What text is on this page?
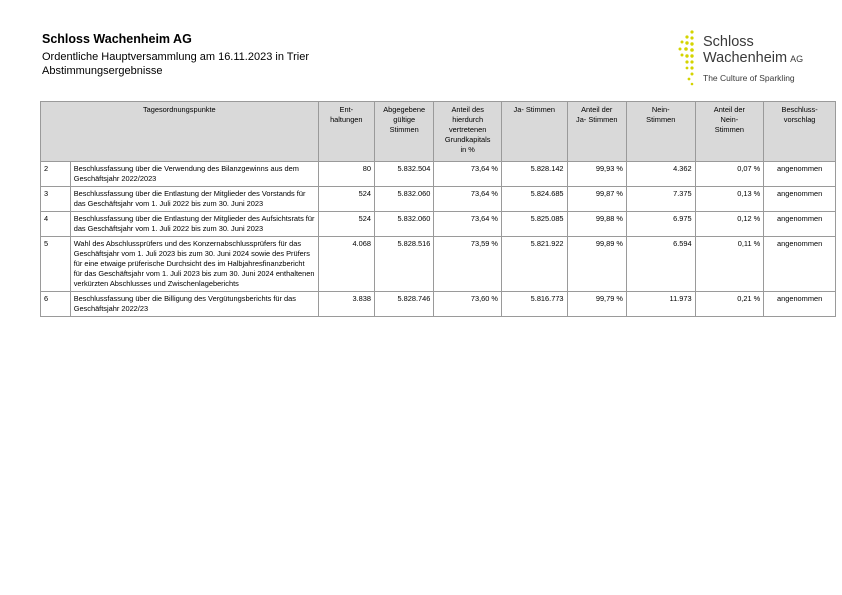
Schloss Wachenheim AG
Ordentliche Hauptversammlung am 16.11.2023 in Trier
Abstimmungsergebnisse
Schloss
Wachenheim AG
The Culture of Sparkling
Tagesordnungspunkte		Ent-
haltungen	Abgegebene
gültige
Stimmen	Anteil des
hierdurch
vertretenen
Grundkapitals
in %	Ja- Stimmen	Anteil der
Ja- Stimmen	Nein-
Stimmen	Anteil der
Nein-
Stimmen	Beschluss-
vorschlag
2	Beschlussfassung über die Verwendung des Bilanzgewinns aus dem Geschäftsjahr 2022/2023	80	5.832.504	73,64 %	5.828.142	99,93 %	4.362	0,07 %	angenommen
3	Beschlussfassung über die Entlastung der Mitglieder des Vorstands für das Geschäftsjahr vom 1. Juli 2022 bis zum 30. Juni 2023	524	5.832.060	73,64 %	5.824.685	99,87 %	7.375	0,13 %	angenommen
4	Beschlussfassung über die Entlastung der Mitglieder des Aufsichtsrats für das Geschäftsjahr vom 1. Juli 2022 bis zum 30. Juni 2023	524	5.832.060	73,64 %	5.825.085	99,88 %	6.975	0,12 %	angenommen
5	Wahl des Abschlussprüfers und des Konzernabschlussprüfers für das Geschäftsjahr vom 1. Juli 2023 bis zum 30. Juni 2024 sowie des Prüfers für eine etwaige prüferische Durchsicht des im Halbjahresfinanzbericht für das Geschäftsjahr vom 1. Juli 2023 bis zum 30. Juni 2024 enthaltenen verkürzten Abschlusses und Zwischenlageberichts	4.068	5.828.516	73,59 %	5.821.922	99,89 %	6.594	0,11 %	angenommen
6	Beschlussfassung über die Billigung des Vergütungsberichts für das Geschäftsjahr 2022/23	3.838	5.828.746	73,60 %	5.816.773	99,79 %	11.973	0,21 %	angenommen
